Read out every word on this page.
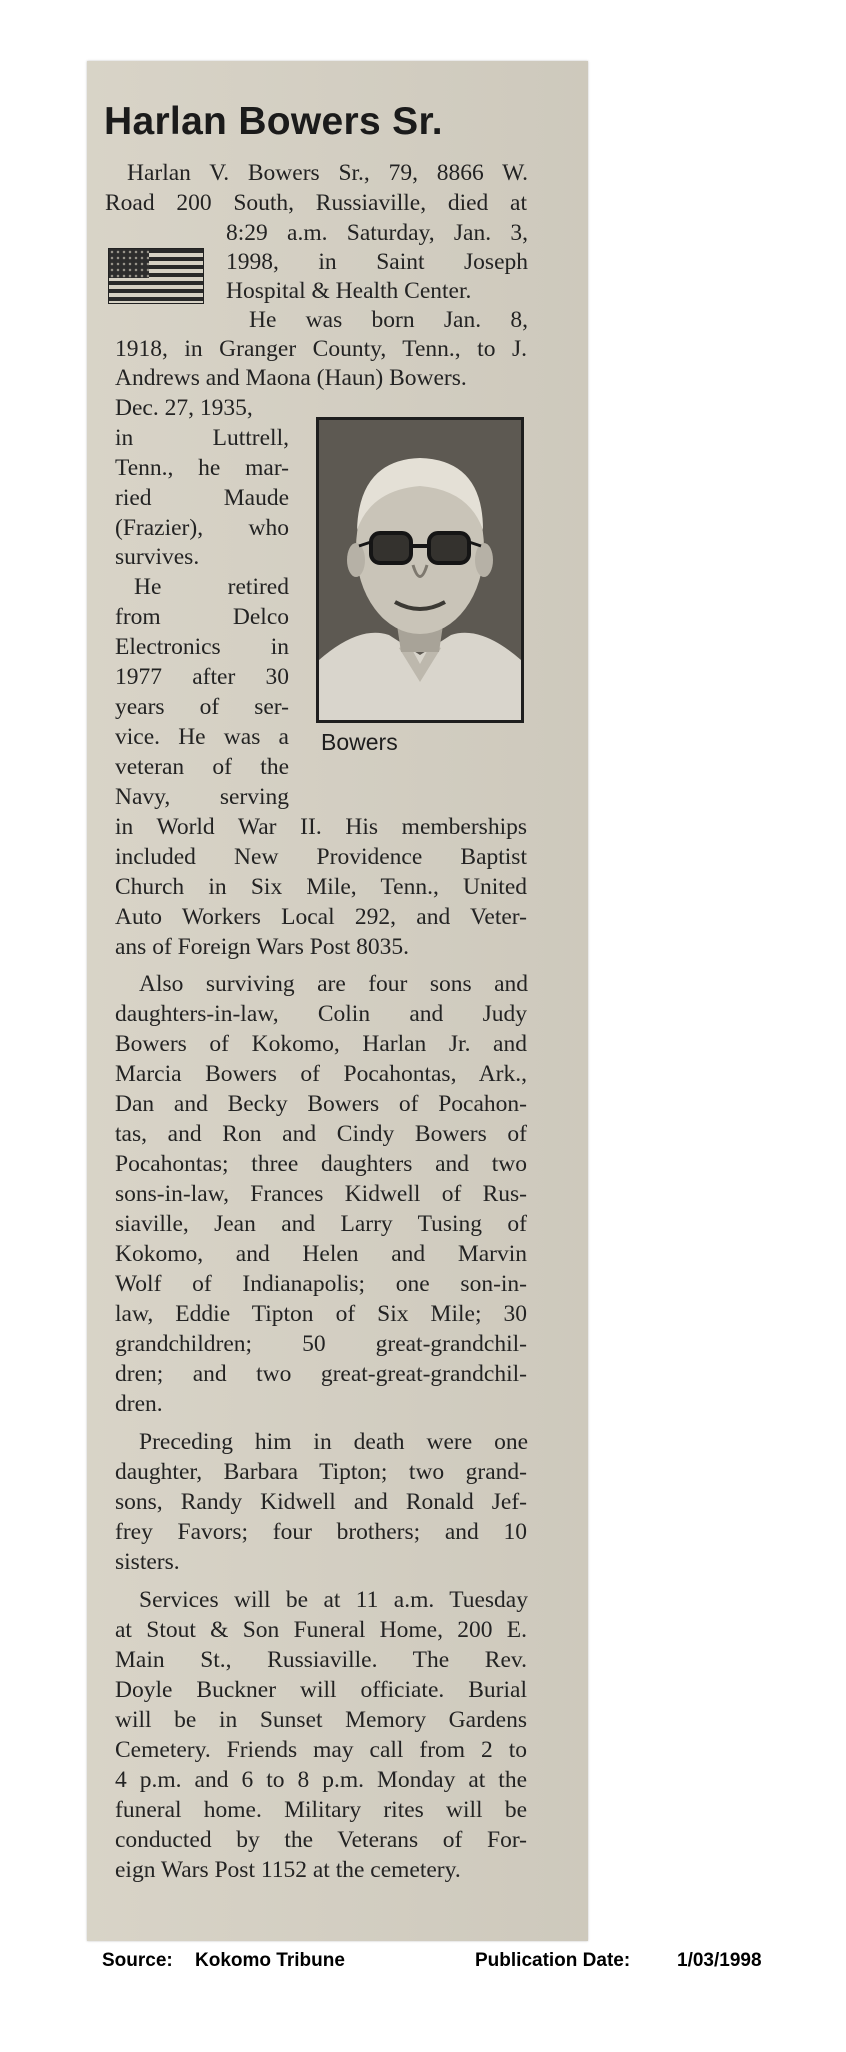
Harlan Bowers Sr.
Bowers
Harlan V. Bowers Sr., 79, 8866 W.
Road 200 South, Russiaville, died at
8:29 a.m. Saturday, Jan. 3,
1998, in Saint Joseph
Hospital & Health Center.
He was born Jan. 8,
1918, in Granger County, Tenn., to J.
Andrews and Maona (Haun) Bowers.
Dec. 27, 1935,
in Luttrell,
Tenn., he mar-
ried Maude
(Frazier), who
survives.
He retired
from Delco
Electronics in
1977 after 30
years of ser-
vice. He was a
veteran of the
Navy, serving
in World War II. His memberships
included New Providence Baptist
Church in Six Mile, Tenn., United
Auto Workers Local 292, and Veter-
ans of Foreign Wars Post 8035.
Also surviving are four sons and
daughters-in-law, Colin and Judy
Bowers of Kokomo, Harlan Jr. and
Marcia Bowers of Pocahontas, Ark.,
Dan and Becky Bowers of Pocahon-
tas, and Ron and Cindy Bowers of
Pocahontas; three daughters and two
sons-in-law, Frances Kidwell of Rus-
siaville, Jean and Larry Tusing of
Kokomo, and Helen and Marvin
Wolf of Indianapolis; one son-in-
law, Eddie Tipton of Six Mile; 30
grandchildren; 50 great-grandchil-
dren; and two great-great-grandchil-
dren.
Preceding him in death were one
daughter, Barbara Tipton; two grand-
sons, Randy Kidwell and Ronald Jef-
frey Favors; four brothers; and 10
sisters.
Services will be at 11 a.m. Tuesday
at Stout & Son Funeral Home, 200 E.
Main St., Russiaville. The Rev.
Doyle Buckner will officiate. Burial
will be in Sunset Memory Gardens
Cemetery. Friends may call from 2 to
4 p.m. and 6 to 8 p.m. Monday at the
funeral home. Military rites will be
conducted by the Veterans of For-
eign Wars Post 1152 at the cemetery.
Source: Kokomo Tribune	Publication Date: 1/03/1998
